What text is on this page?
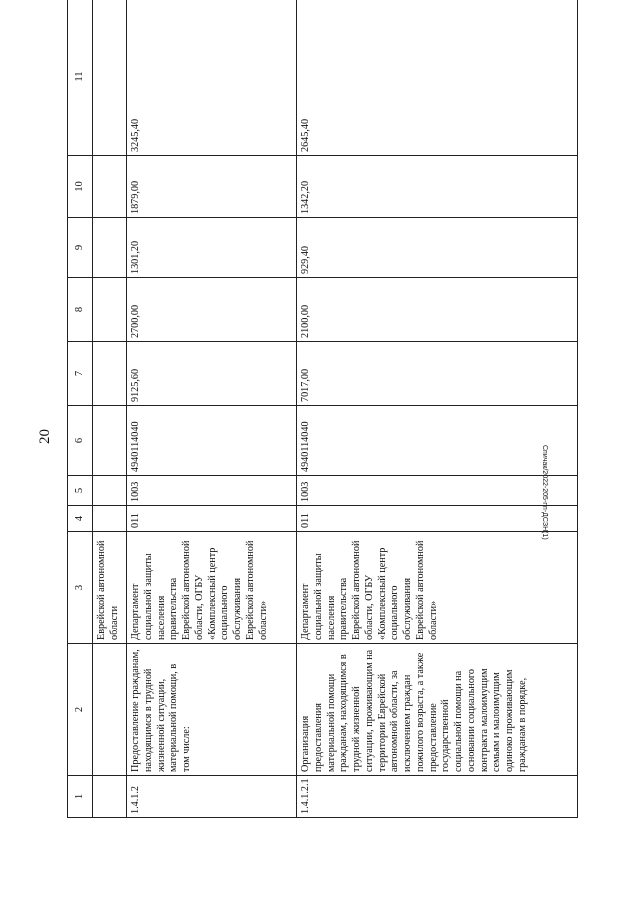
20
Спичак/2022-205-пп-ДСЗН(1)
1	2	3	4	5	6	7	8	9	10	11
		Еврейской автономной области								
1.4.1.2	Предоставление гражданам, находящимся в трудной жизненной ситуации, материальной помощи, в том числе:	Департамент социальной защиты населения правительства Еврейской автономной области, ОГБУ «Комплексный центр социального обслуживания Еврейской автономной области»	011	1003	4940114040	9125,60	2700,00	1301,20	1879,00	3245,40
1.4.1.2.1	Организация предоставления материальной помощи гражданам, находящимся в трудной жизненной ситуации, проживающим на территории Еврейской автономной области, за исключением граждан пожилого возраста, а также предоставление государственной социальной помощи на основании социального контракта малоимущим семьям и малоимущим одиноко проживающим гражданам в порядке,	Департамент социальной защиты населения правительства Еврейской автономной области, ОГБУ «Комплексный центр социального обслуживания Еврейской автономной области»	011	1003	4940114040	7017,00	2100,00	929,40	1342,20	2645,40
